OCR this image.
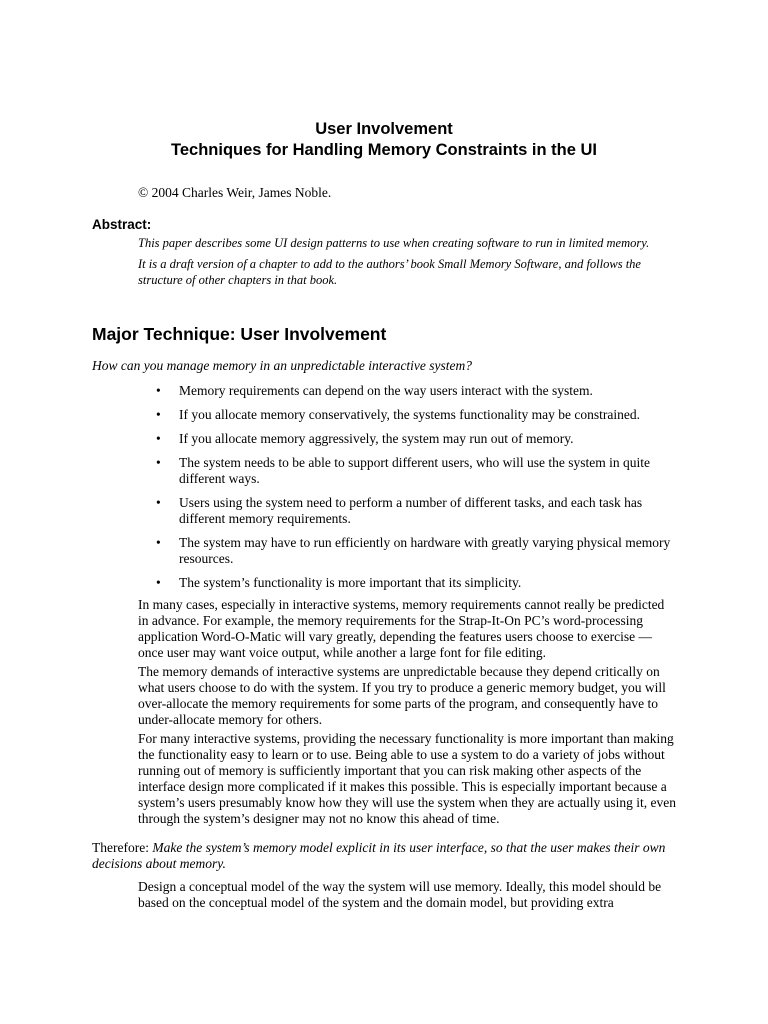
User Involvement
Techniques for Handling Memory Constraints in the UI
© 2004 Charles Weir, James Noble.
Abstract:

This paper describes some UI design patterns to use when creating software to run in limited memory.

It is a draft version of a chapter to add to the authors’ book Small Memory Software, and follows the structure of other chapters in that book.

Major Technique: User Involvement
How can you manage memory in an unpredictable interactive system?
• Memory requirements can depend on the way users interact with the system.
• If you allocate memory conservatively, the systems functionality may be constrained.
• If you allocate memory aggressively, the system may run out of memory.
• The system needs to be able to support different users, who will use the system in quite different ways.
• Users using the system need to perform a number of different tasks, and each task has different memory requirements.
• The system may have to run efficiently on hardware with greatly varying physical memory resources.
• The system’s functionality is more important that its simplicity.

In many cases, especially in interactive systems, memory requirements cannot really be predicted in advance. For example, the memory requirements for the Strap-It-On PC’s word-processing application Word-O-Matic will vary greatly, depending the features users choose to exercise — once user may want voice output, while another a large font for file editing.

The memory demands of interactive systems are unpredictable because they depend critically on what users choose to do with the system. If you try to produce a generic memory budget, you will over-allocate the memory requirements for some parts of the program, and consequently have to under-allocate memory for others.

For many interactive systems, providing the necessary functionality is more important than making the functionality easy to learn or to use. Being able to use a system to do a variety of jobs without running out of memory is sufficiently important that you can risk making other aspects of the interface design more complicated if it makes this possible. This is especially important because a system’s users presumably know how they will use the system when they are actually using it, even through the system’s designer may not no know this ahead of time.

Therefore: Make the system’s memory model explicit in its user interface, so that the user makes their own decisions about memory.

Design a conceptual model of the way the system will use memory. Ideally, this model should be based on the conceptual model of the system and the domain model, but providing extra
